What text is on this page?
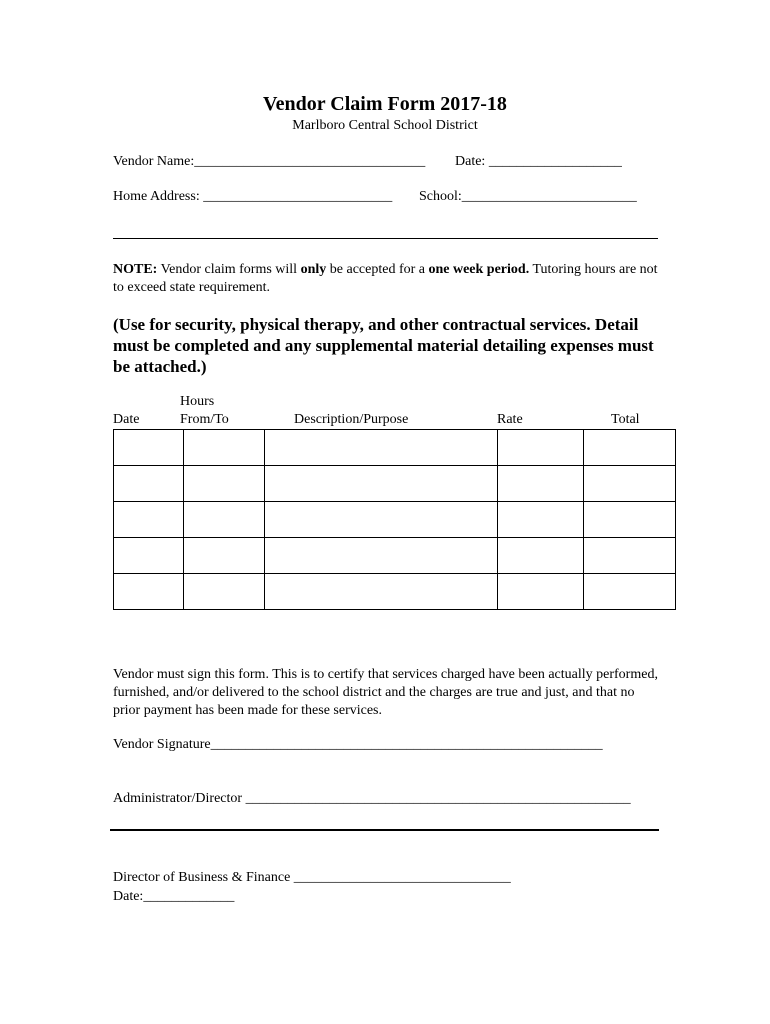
Vendor Claim Form 2017-18
Marlboro Central School District
Vendor Name:_________________________________ Date: ___________________
Home Address: ___________________________ School:_________________________
NOTE: Vendor claim forms will only be accepted for a one week period. Tutoring hours are not to exceed state requirement.
(Use for security, physical therapy, and other contractual services. Detail must be completed and any supplemental material detailing expenses must be attached.)
Hours
Date	From/To	Description/Purpose	Rate	Total

Vendor must sign this form. This is to certify that services charged have been actually performed, furnished, and/or delivered to the school district and the charges are true and just, and that no prior payment has been made for these services.
Vendor Signature________________________________________________________
Administrator/Director _______________________________________________________
Director of Business & Finance _______________________________
Date:_____________
